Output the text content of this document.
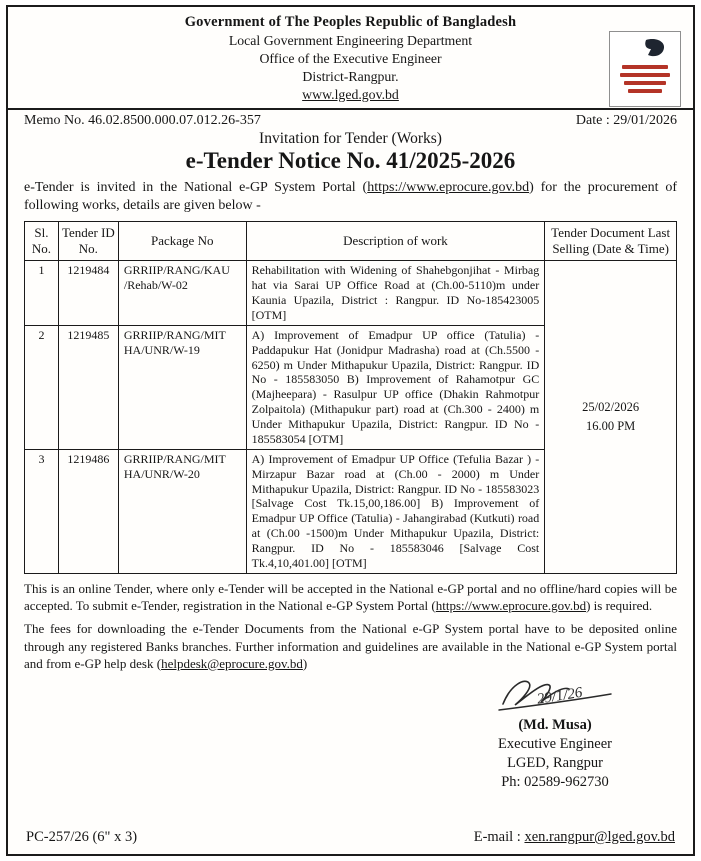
Government of The Peoples Republic of Bangladesh
Local Government Engineering Department
Office of the Executive Engineer
District-Rangpur.
www.lged.gov.bd
Memo No. 46.02.8500.000.07.012.26-357	Date : 29/01/2026
Invitation for Tender (Works)
e-Tender Notice No. 41/2025-2026

e-Tender is invited in the National e-GP System Portal (https://www.eprocure.gov.bd) for the procurement of following works, details are given below -

Sl. No.	Tender ID No.	Package No	Description of work	Tender Document Last Selling (Date & Time)
1	1219484	GRRIIP/RANG/KAU /Rehab/W-02	Rehabilitation with Widening of Shahebgonjihat - Mirbag hat via Sarai UP Office Road at (Ch.00-5110)m under Kaunia Upazila, District : Rangpur. ID No-185423005 [OTM]	25/02/2026
16.00 PM

2	1219485	GRRIIP/RANG/MIT HA/UNR/W-19	A) Improvement of Emadpur UP office (Tatulia) - Paddapukur Hat (Jonidpur Madrasha) road at (Ch.5500 - 6250) m Under Mithapukur Upazila, District: Rangpur. ID No - 185583050 B) Improvement of Rahamotpur GC (Majheepara) - Rasulpur UP office (Dhakin Rahmotpur Zolpaitola) (Mithapukur part) road at (Ch.300 - 2400) m Under Mithapukur Upazila, District: Rangpur. ID No - 185583054 [OTM]	
3	1219486	GRRIIP/RANG/MIT HA/UNR/W-20	A) Improvement of Emadpur UP Office (Tefulia Bazar ) - Mirzapur Bazar road at (Ch.00 - 2000) m Under Mithapukur Upazila, District: Rangpur. ID No - 185583023 [Salvage Cost Tk.15,00,186.00] B) Improvement of Emadpur UP Office (Tatulia) - Jahangirabad (Kutkuti) road at (Ch.00 -1500)m Under Mithapukur Upazila, District: Rangpur. ID No - 185583046 [Salvage Cost Tk.4,10,401.00] [OTM]	

This is an online Tender, where only e-Tender will be accepted in the National e-GP portal and no offline/hard copies will be accepted. To submit e-Tender, registration in the National e-GP System Portal (https://www.eprocure.gov.bd) is required.

The fees for downloading the e-Tender Documents from the National e-GP System portal have to be deposited online through any registered Banks branches. Further information and guidelines are available in the National e-GP System portal and from e-GP help desk (helpdesk@eprocure.gov.bd)

29/1/26
(Md. Musa)
Executive Engineer
LGED, Rangpur
Ph: 02589-962730
PC-257/26 (6" x 3)	E-mail : xen.rangpur@lged.gov.bd
